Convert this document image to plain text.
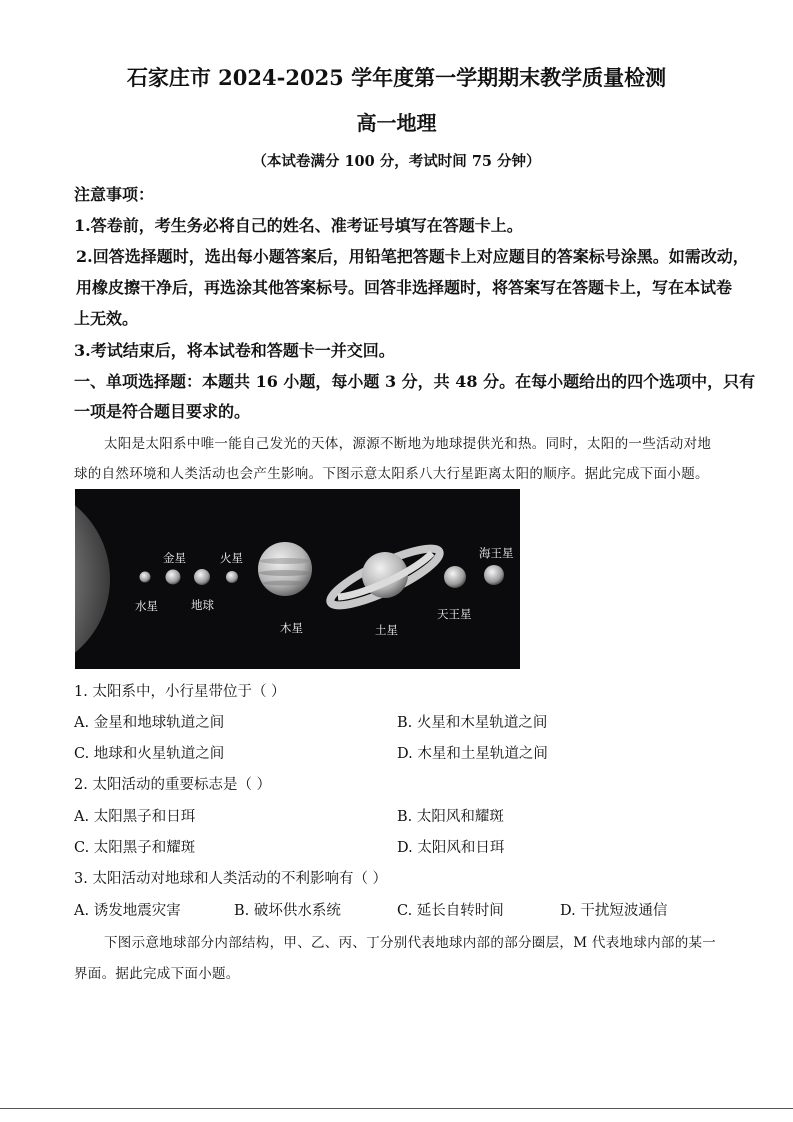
石家庄市 2024-2025 学年度第一学期期末教学质量检测
高一地理
（本试卷满分 100 分，考试时间 75 分钟）
注意事项：
1.答卷前，考生务必将自己的姓名、准考证号填写在答题卡上。
2.回答选择题时，选出每小题答案后，用铅笔把答题卡上对应题目的答案标号涂黑。如需改动，
用橡皮擦干净后，再选涂其他答案标号。回答非选择题时，将答案写在答题卡上，写在本试卷
上无效。
3.考试结束后，将本试卷和答题卡一并交回。
一、单项选择题：本题共 16 小题，每小题 3 分，共 48 分。在每小题给出的四个选项中，只有
一项是符合题目要求的。
太阳是太阳系中唯一能自己发光的天体，源源不断地为地球提供光和热。同时，太阳的一些活动对地
球的自然环境和人类活动也会产生影响。下图示意太阳系八大行星距离太阳的顺序。据此完成下面小题。
水星
金星
地球
火星
木星	土星
天王星
海王星
1. 太阳系中，小行星带位于（ ）
A. 金星和地球轨道之间	B. 火星和木星轨道之间
C. 地球和火星轨道之间	D. 木星和土星轨道之间
2. 太阳活动的重要标志是（ ）
A. 太阳黑子和日珥	B. 太阳风和耀斑
C. 太阳黑子和耀斑	D. 太阳风和日珥
3. 太阳活动对地球和人类活动的不利影响有（ ）
A. 诱发地震灾害	B. 破坏供水系统	C. 延长自转时间	D. 干扰短波通信
下图示意地球部分内部结构，甲、乙、丙、丁分别代表地球内部的部分圈层，M 代表地球内部的某一
界面。据此完成下面小题。
